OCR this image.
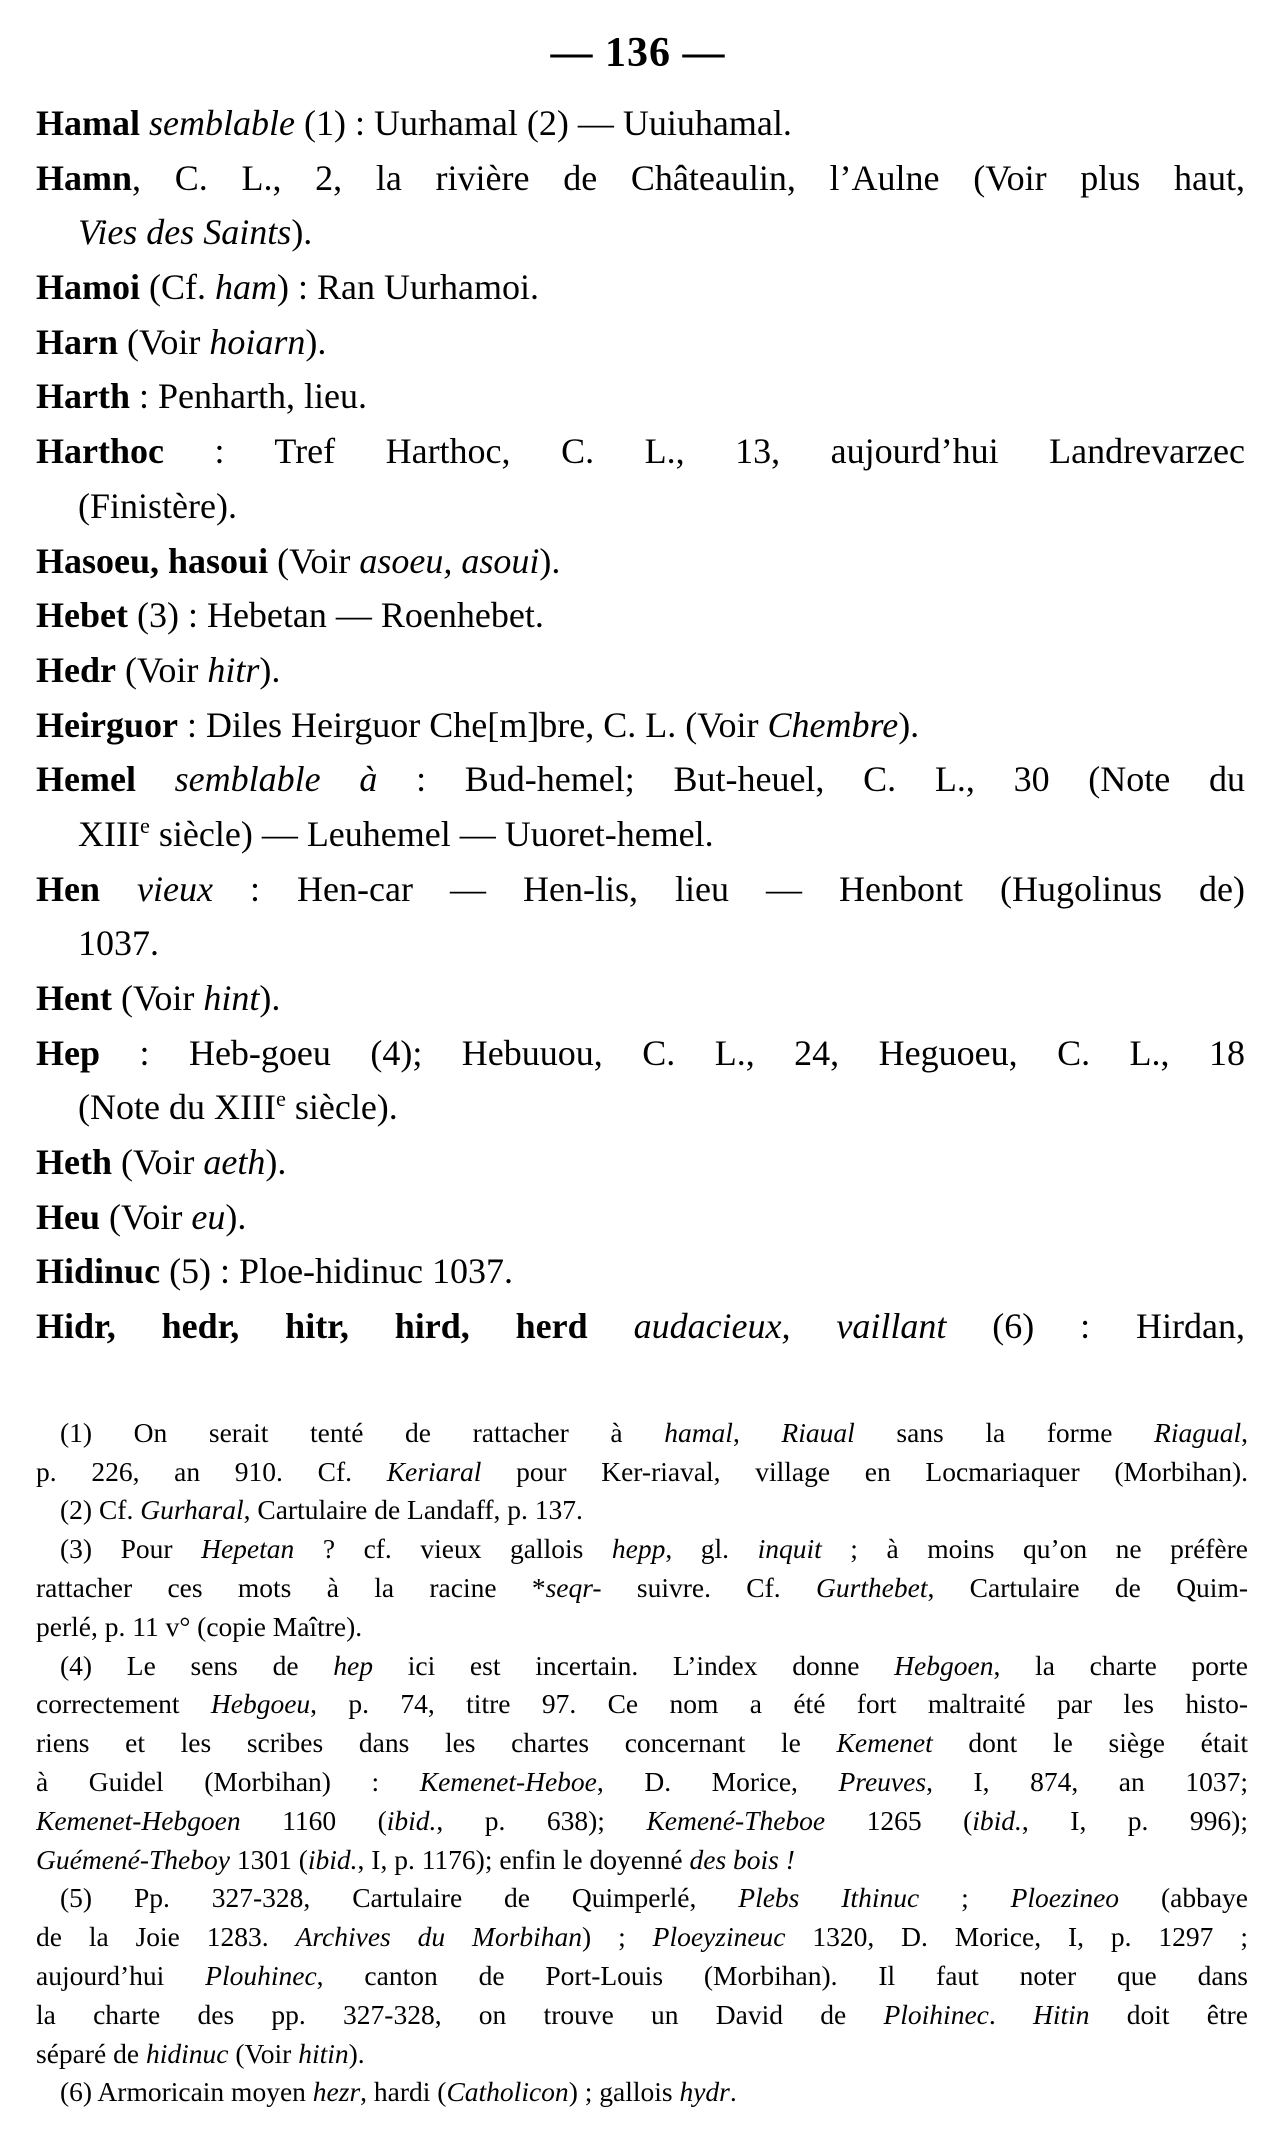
— 136 —
Hamal semblable (1) : Uurhamal (2) — Uuiuhamal.
Hamn, C. L., 2, la rivière de Châteaulin, l’Aulne (Voir plus haut,
Vies des Saints).
Hamoi (Cf. ham) : Ran Uurhamoi.
Harn (Voir hoiarn).
Harth : Penharth, lieu.
Harthoc : Tref Harthoc, C. L., 13, aujourd’hui Landrevarzec
(Finistère).
Hasoeu, hasoui (Voir asoeu, asoui).
Hebet (3) : Hebetan — Roenhebet.
Hedr (Voir hitr).
Heirguor : Diles Heirguor Che[m]bre, C. L. (Voir Chembre).
Hemel semblable à : Bud-hemel; But-heuel, C. L., 30 (Note du
XIIIe siècle) — Leuhemel — Uuoret-hemel.
Hen vieux : Hen-car — Hen-lis, lieu — Henbont (Hugolinus de)
1037.
Hent (Voir hint).
Hep : Heb-goeu (4); Hebuuou, C. L., 24, Heguoeu, C. L., 18
(Note du XIIIe siècle).
Heth (Voir aeth).
Heu (Voir eu).
Hidinuc (5) : Ploe-hidinuc 1037.
Hidr, hedr, hitr, hird, herd audacieux, vaillant (6) : Hirdan,
(1) On serait tenté de rattacher à hamal, Riaual sans la forme Riagual,
p. 226, an 910. Cf. Keriaral pour Ker-riaval, village en Locmariaquer (Morbihan).
(2) Cf. Gurharal, Cartulaire de Landaff, p. 137.
(3) Pour Hepetan ? cf. vieux gallois hepp, gl. inquit ; à moins qu’on ne préfère
rattacher ces mots à la racine *seqr- suivre. Cf. Gurthebet, Cartulaire de Quim-
perlé, p. 11 v° (copie Maître).
(4) Le sens de hep ici est incertain. L’index donne Hebgoen, la charte porte
correctement Hebgoeu, p. 74, titre 97. Ce nom a été fort maltraité par les histo-
riens et les scribes dans les chartes concernant le Kemenet dont le siège était
à Guidel (Morbihan) : Kemenet-Heboe, D. Morice, Preuves, I, 874, an 1037;
Kemenet-Hebgoen 1160 (ibid., p. 638); Kemené-Theboe 1265 (ibid., I, p. 996);
Guémené-Theboy 1301 (ibid., I, p. 1176); enfin le doyenné des bois !
(5) Pp. 327-328, Cartulaire de Quimperlé, Plebs Ithinuc ; Ploezineo (abbaye
de la Joie 1283. Archives du Morbihan) ; Ploeyzineuc 1320, D. Morice, I, p. 1297 ;
aujourd’hui Plouhinec, canton de Port-Louis (Morbihan). Il faut noter que dans
la charte des pp. 327-328, on trouve un David de Ploihinec. Hitin doit être
séparé de hidinuc (Voir hitin).
(6) Armoricain moyen hezr, hardi (Catholicon) ; gallois hydr.
